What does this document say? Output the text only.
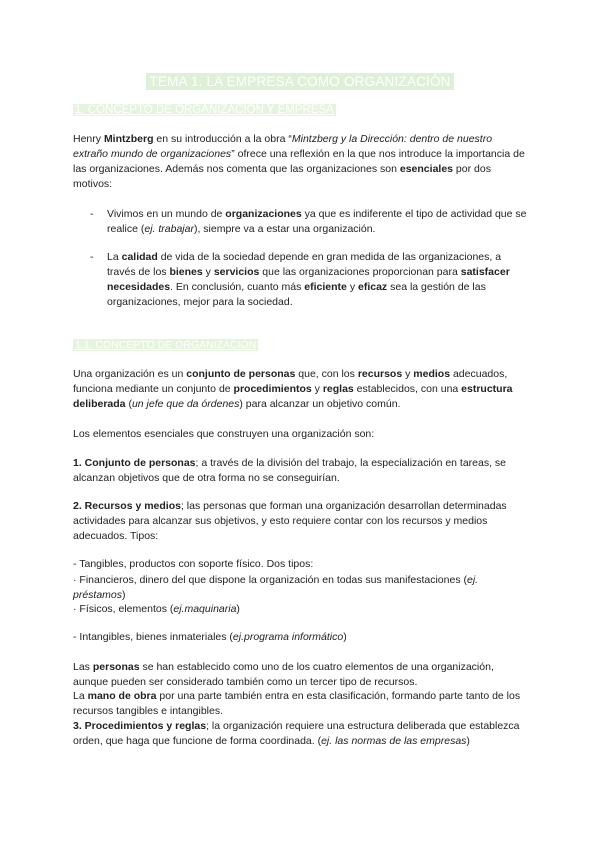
TEMA 1. LA EMPRESA COMO ORGANIZACIÓN
1. CONCEPTO DE ORGANIZACIÓN Y EMPRESA
Henry Mintzberg en su introducción a la obra “Mintzberg y la Dirección: dentro de nuestro extraño mundo de organizaciones” ofrece una reflexión en la que nos introduce la importancia de las organizaciones. Además nos comenta que las organizaciones son esenciales por dos motivos:
- Vivimos en un mundo de organizaciones ya que es indiferente el tipo de actividad que se realice (ej. trabajar), siempre va a estar una organización.
- La calidad de vida de la sociedad depende en gran medida de las organizaciones, a través de los bienes y servicios que las organizaciones proporcionan para satisfacer necesidades. En conclusión, cuanto más eficiente y eficaz sea la gestión de las organizaciones, mejor para la sociedad.
1.1. CONCEPTO DE ORGANIZACIÓN
Una organización es un conjunto de personas que, con los recursos y medios adecuados, funciona mediante un conjunto de procedimientos y reglas establecidos, con una estructura deliberada (un jefe que da órdenes) para alcanzar un objetivo común.
Los elementos esenciales que construyen una organización son:
1. Conjunto de personas; a través de la división del trabajo, la especialización en tareas, se alcanzan objetivos que de otra forma no se conseguirían.
2. Recursos y medios; las personas que forman una organización desarrollan determinadas actividades para alcanzar sus objetivos, y esto requiere contar con los recursos y medios adecuados. Tipos:
- Tangibles, productos con soporte físico. Dos tipos:
· Financieros, dinero del que dispone la organización en todas sus manifestaciones (ej. préstamos)
· Físicos, elementos (ej.maquinaria)
- Intangibles, bienes inmateriales (ej.programa informático)
Las personas se han establecido como uno de los cuatro elementos de una organización, aunque pueden ser considerado también como un tercer tipo de recursos.
La mano de obra por una parte también entra en esta clasificación, formando parte tanto de los recursos tangibles e intangibles.
3. Procedimientos y reglas; la organización requiere una estructura deliberada que establezca orden, que haga que funcione de forma coordinada. (ej. las normas de las empresas)
